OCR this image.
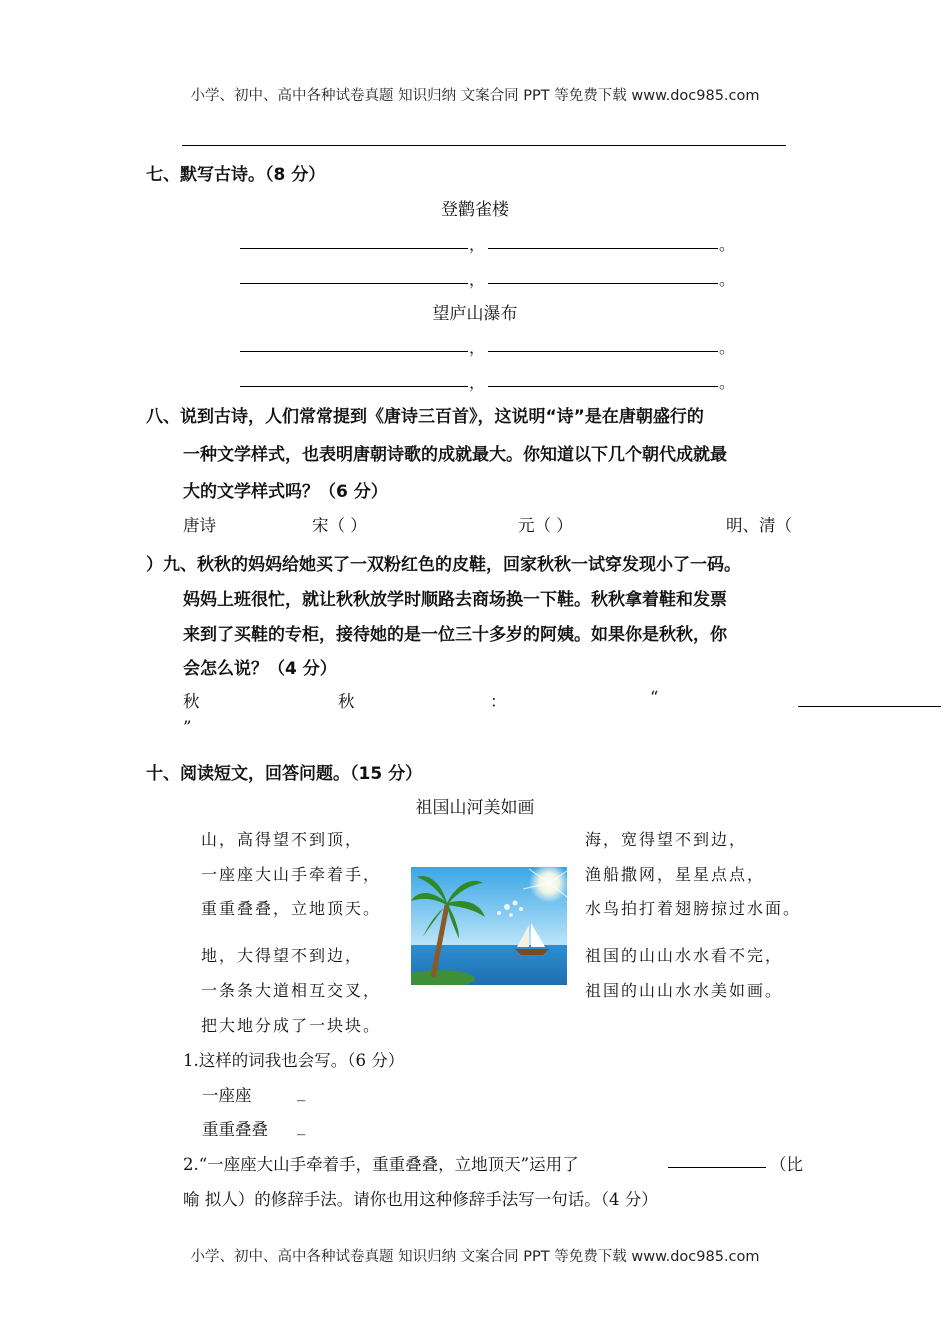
小学、初中、高中各种试卷真题 知识归纳 文案合同 PPT 等免费下载 www.doc985.com
七、默写古诗。（8 分）
登鹳雀楼
，	。
，	。
望庐山瀑布
，	。
，	。
八、说到古诗，人们常常提到《唐诗三百首》，这说明“诗”是在唐朝盛行的
一种文学样式，也表明唐朝诗歌的成就最大。你知道以下几个朝代成就最
大的文学样式吗？（6 分）
唐诗	宋（ ）	元（ ）	明、清（
）九、秋秋的妈妈给她买了一双粉红色的皮鞋，回家秋秋一试穿发现小了一码。
妈妈上班很忙，就让秋秋放学时顺路去商场换一下鞋。秋秋拿着鞋和发票
来到了买鞋的专柜，接待她的是一位三十多岁的阿姨。如果你是秋秋，你
会怎么说？（4 分）
秋	秋	：	“
”
十、阅读短文，回答问题。（15 分）
祖国山河美如画
山，高得望不到顶，
一座座大山手牵着手，
重重叠叠，立地顶天。
地，大得望不到边，
一条条大道相互交叉，
把大地分成了一块块。
海，宽得望不到边，
渔船撒网，星星点点，
水鸟拍打着翅膀掠过水面。
祖国的山山水水看不完，
祖国的山山水水美如画。
1.这样的词我也会写。（6 分）
一座座	_
重重叠叠 _
2.“一座座大山手牵着手，重重叠叠，立地顶天”运用了	（比
喻 拟人）的修辞手法。请你也用这种修辞手法写一句话。（4 分）
小学、初中、高中各种试卷真题 知识归纳 文案合同 PPT 等免费下载 www.doc985.com
